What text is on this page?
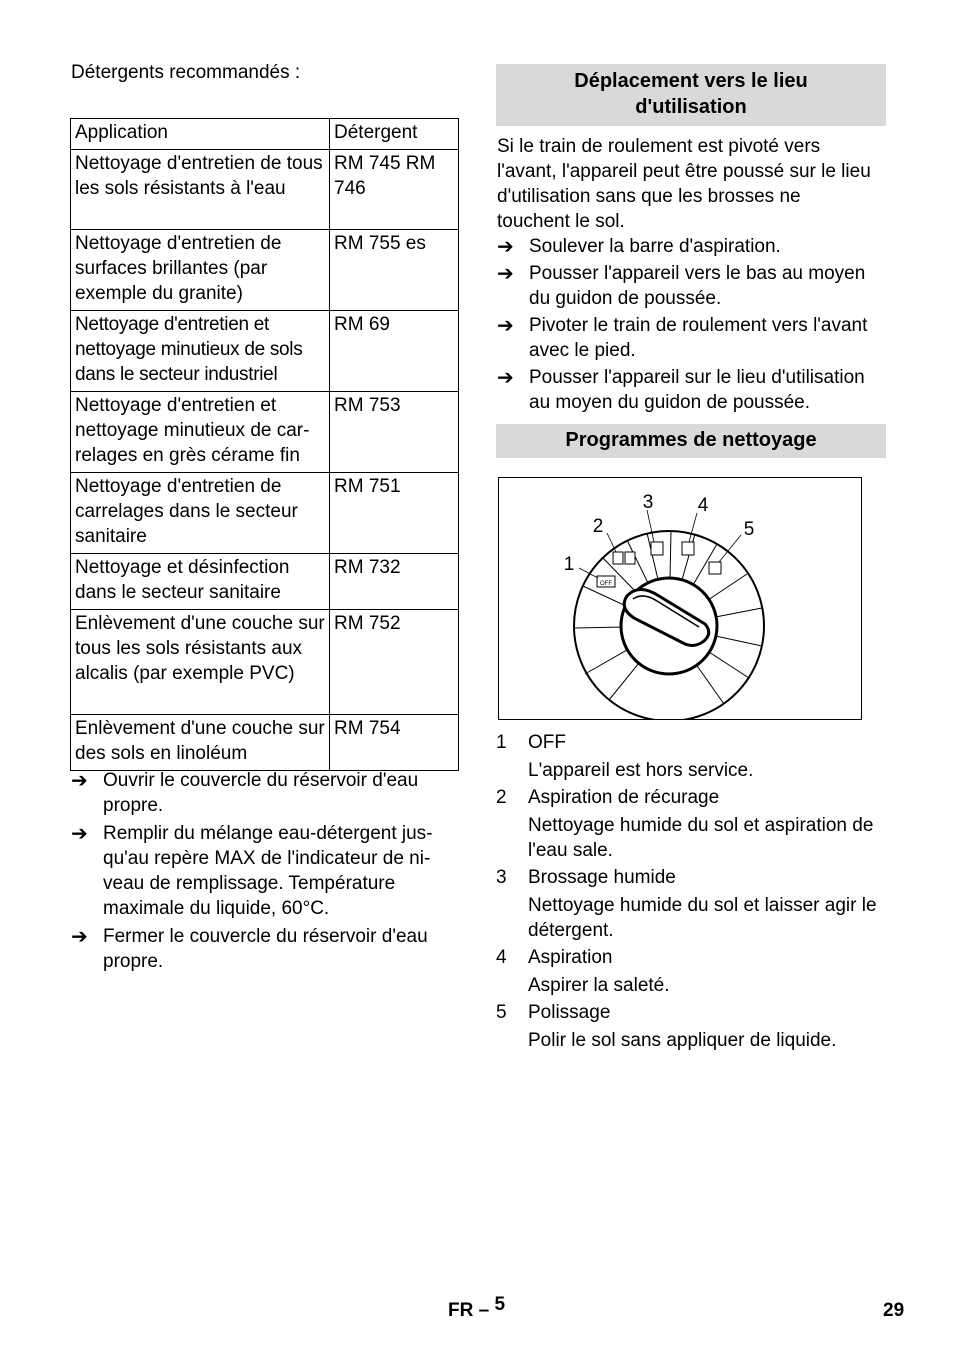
Détergents recommandés :
Application	Détergent
Nettoyage d'entretien de tous les sols résistants à l'eau	RM 745 RM 746
Nettoyage d'entretien de surfaces brillantes (par exemple du granite)	RM 755 es
Nettoyage d'entretien et nettoyage minutieux de sols dans le secteur industriel	RM 69
Nettoyage d'entretien et nettoyage minutieux de car-relages en grès cérame fin	RM 753
Nettoyage d'entretien de carrelages dans le secteur sanitaire	RM 751
Nettoyage et désinfection dans le secteur sanitaire	RM 732
Enlèvement d'une couche sur tous les sols résistants aux alcalis (par exemple PVC)	RM 752
Enlèvement d'une couche sur des sols en linoléum	RM 754
➔ Ouvrir le couvercle du réservoir d'eau propre.
➔ Remplir du mélange eau-détergent jus-qu'au repère MAX de l'indicateur de ni-veau de remplissage. Température maximale du liquide, 60°C.
➔ Fermer le couvercle du réservoir d'eau propre.
Déplacement vers le lieu d'utilisation
Si le train de roulement est pivoté vers l'avant, l'appareil peut être poussé sur le lieu d'utilisation sans que les brosses ne touchent le sol.
➔ Soulever la barre d'aspiration.
➔ Pousser l'appareil vers le bas au moyen du guidon de poussée.
➔ Pivoter le train de roulement vers l'avant avec le pied.
➔ Pousser l'appareil sur le lieu d'utilisation au moyen du guidon de poussée.
Programmes de nettoyage
OFF
1
2
3 4
5
1 OFF
L'appareil est hors service.
2 Aspiration de récurage
Nettoyage humide du sol et aspiration de l'eau sale.
3 Brossage humide
Nettoyage humide du sol et laisser agir le détergent.
4 Aspiration
Aspirer la saleté.
5 Polissage
Polir le sol sans appliquer de liquide.
FR – 5	29
